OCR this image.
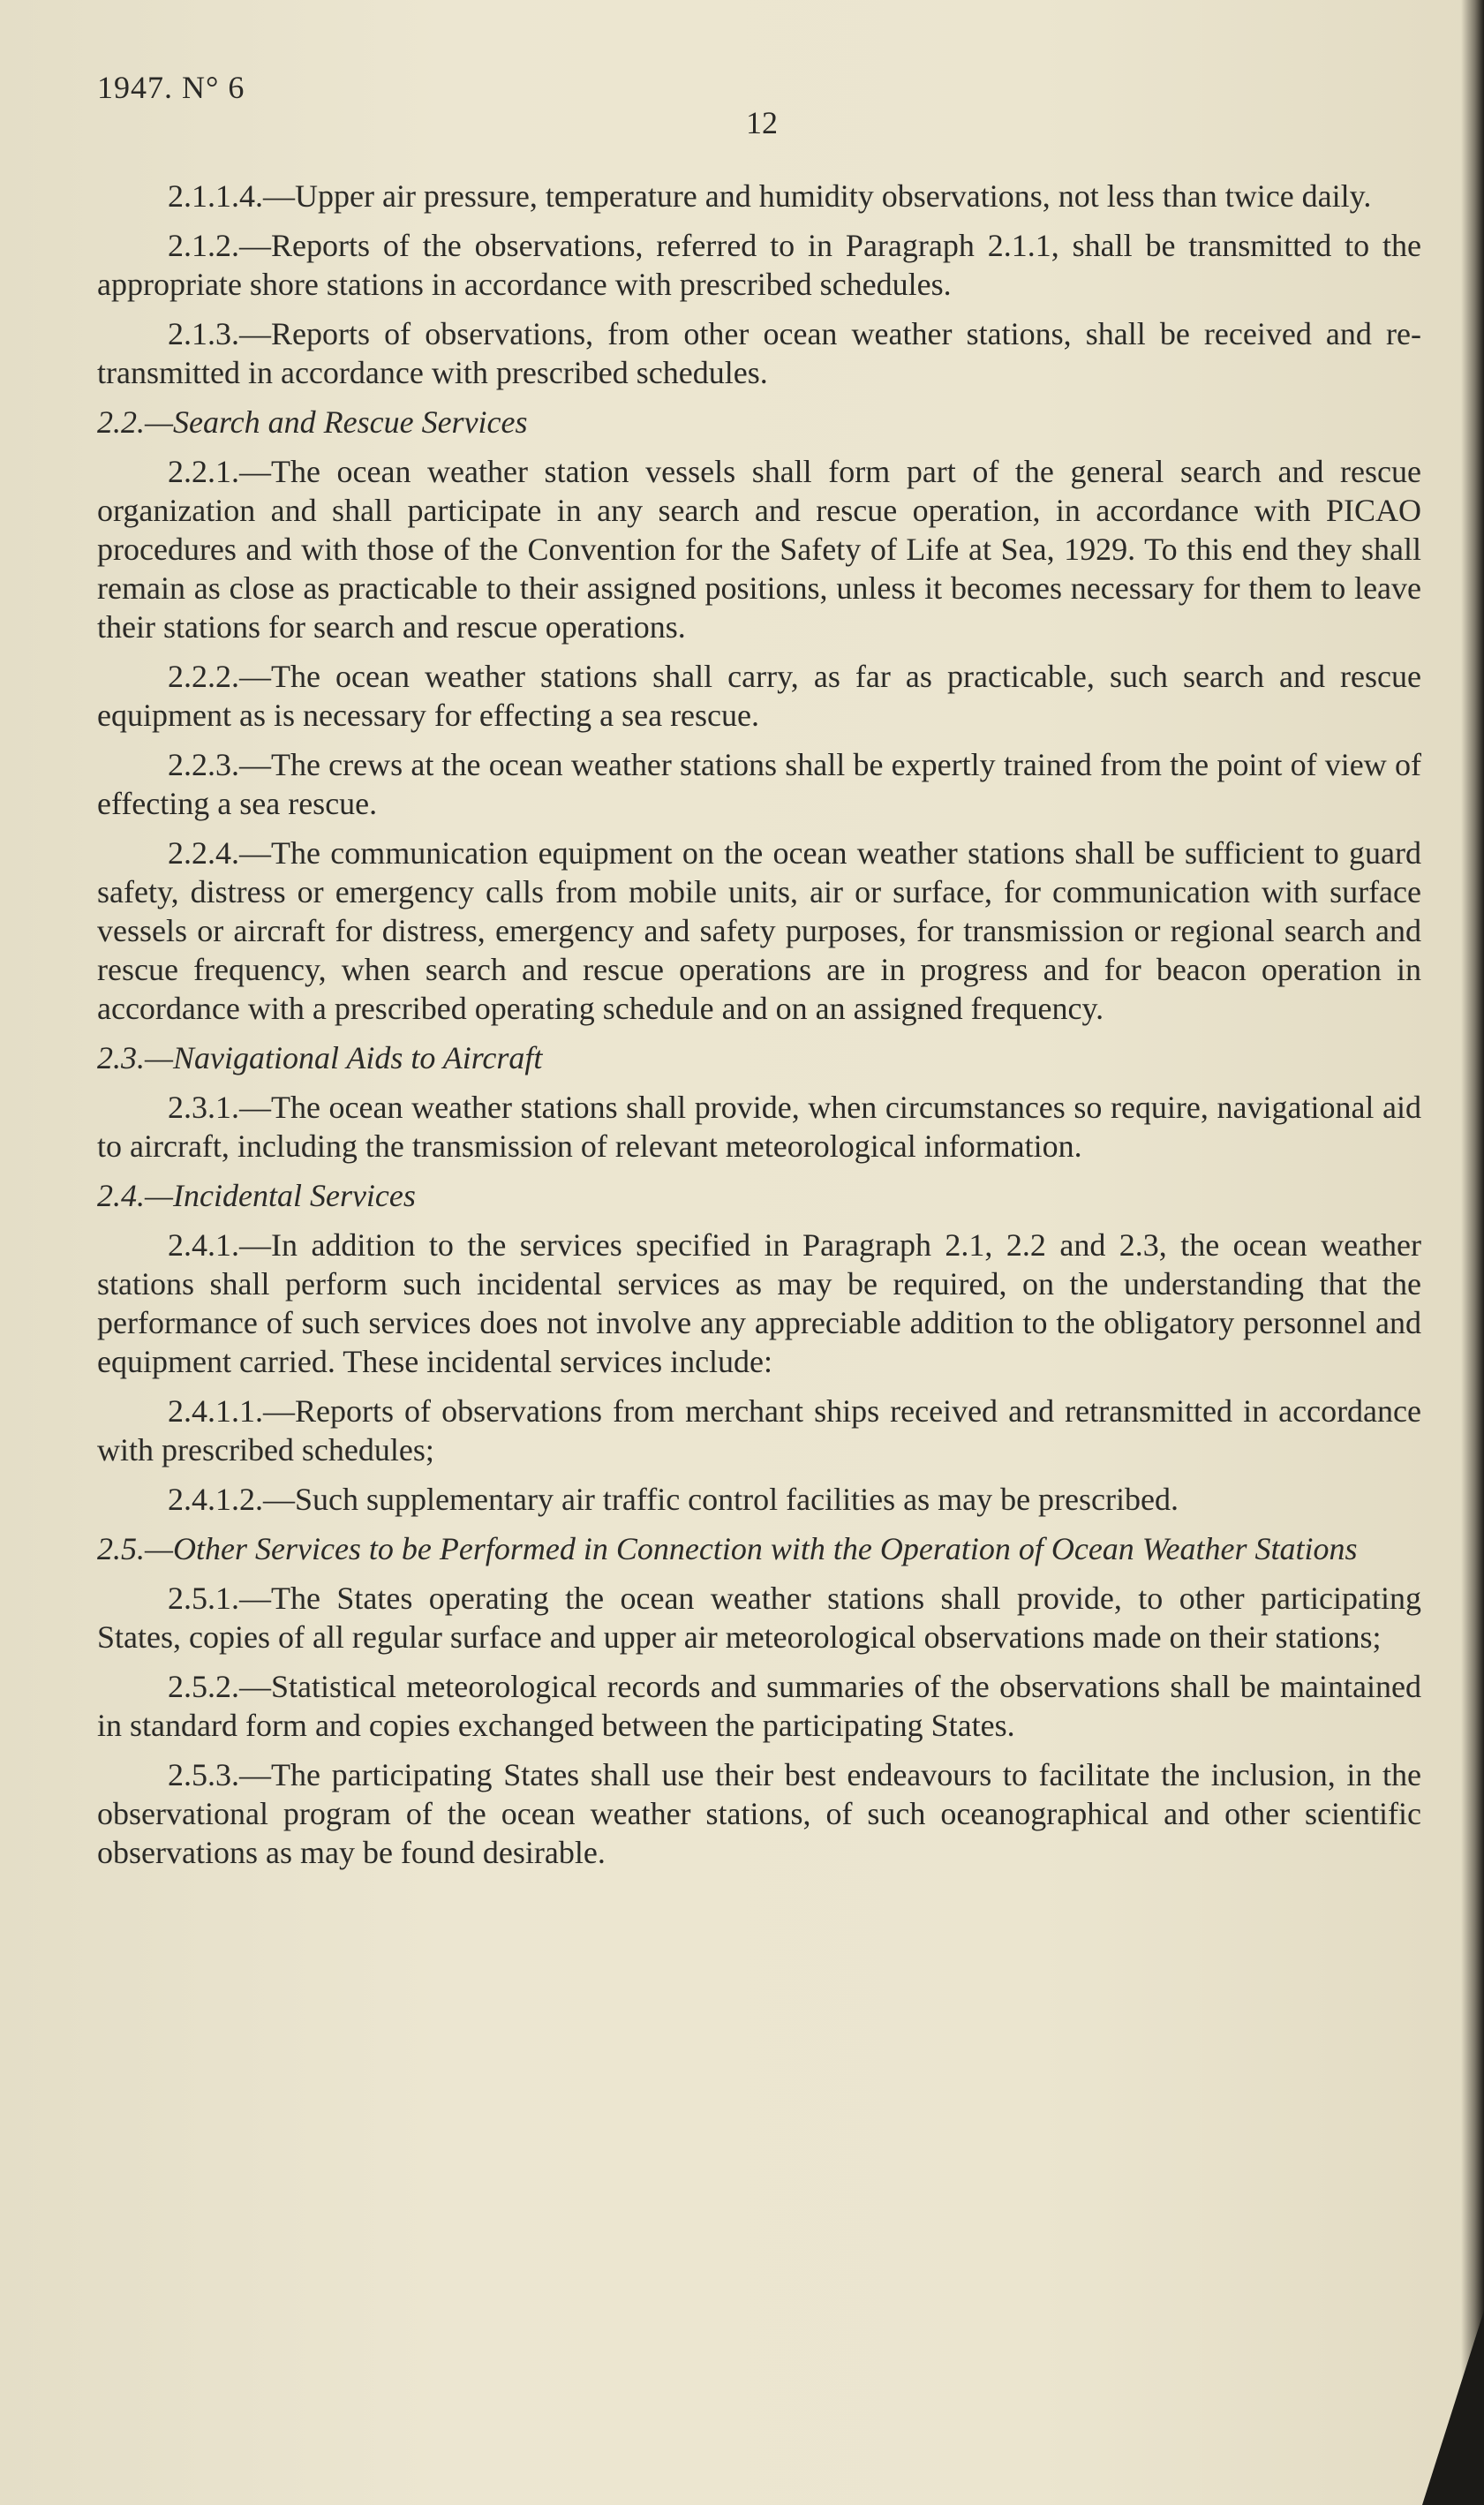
1947. N° 6
12

2.1.1.4.—Upper air pressure, temperature and humidity observations, not less than twice daily.

2.1.2.—Reports of the observations, referred to in Paragraph 2.1.1, shall be transmitted to the appropriate shore stations in accordance with prescribed schedules.

2.1.3.—Reports of observations, from other ocean weather stations, shall be received and re-transmitted in accordance with prescribed schedules.

2.2.—Search and Rescue Services

2.2.1.—The ocean weather station vessels shall form part of the general search and rescue organization and shall participate in any search and rescue operation, in accordance with PICAO procedures and with those of the Convention for the Safety of Life at Sea, 1929. To this end they shall remain as close as practicable to their assigned positions, unless it becomes necessary for them to leave their stations for search and rescue operations.

2.2.2.—The ocean weather stations shall carry, as far as practicable, such search and rescue equipment as is necessary for effecting a sea rescue.

2.2.3.—The crews at the ocean weather stations shall be expertly trained from the point of view of effecting a sea rescue.

2.2.4.—The communication equipment on the ocean weather stations shall be sufficient to guard safety, distress or emergency calls from mobile units, air or surface, for communication with surface vessels or aircraft for distress, emergency and safety purposes, for transmission or regional search and rescue frequency, when search and rescue operations are in progress and for beacon operation in accordance with a prescribed operating schedule and on an assigned frequency.

2.3.—Navigational Aids to Aircraft

2.3.1.—The ocean weather stations shall provide, when circumstances so require, navigational aid to aircraft, including the transmission of relevant meteorological information.

2.4.—Incidental Services

2.4.1.—In addition to the services specified in Paragraph 2.1, 2.2 and 2.3, the ocean weather stations shall perform such incidental services as may be required, on the understanding that the performance of such services does not involve any appreciable addition to the obligatory personnel and equipment carried. These incidental services include:

2.4.1.1.—Reports of observations from merchant ships received and retransmitted in accordance with prescribed schedules;

2.4.1.2.—Such supplementary air traffic control facilities as may be prescribed.

2.5.—Other Services to be Performed in Connection with the Operation of Ocean Weather Stations

2.5.1.—The States operating the ocean weather stations shall provide, to other participating States, copies of all regular surface and upper air meteorological observations made on their stations;

2.5.2.—Statistical meteorological records and summaries of the observations shall be maintained in standard form and copies exchanged between the participating States.

2.5.3.—The participating States shall use their best endeavours to facilitate the inclusion, in the observational program of the ocean weather stations, of such oceanographical and other scientific observations as may be found desirable.
